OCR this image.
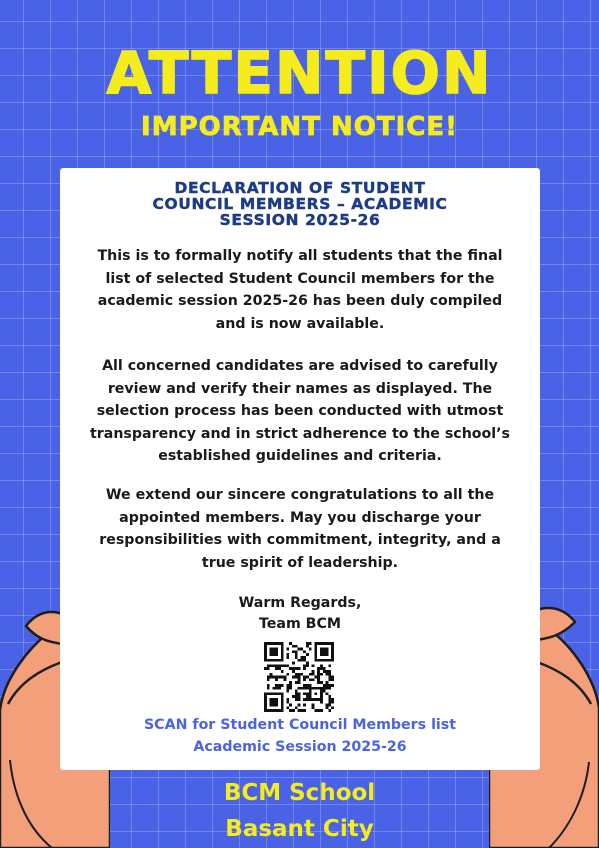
ATTENTION
IMPORTANT NOTICE!
DECLARATION OF STUDENT
COUNCIL MEMBERS – ACADEMIC
SESSION 2025-26
This is to formally notify all students that the final
list of selected Student Council members for the
academic session 2025-26 has been duly compiled
and is now available.
All concerned candidates are advised to carefully
review and verify their names as displayed. The
selection process has been conducted with utmost
transparency and in strict adherence to the school’s
established guidelines and criteria.
We extend our sincere congratulations to all the
appointed members. May you discharge your
responsibilities with commitment, integrity, and a
true spirit of leadership.
Warm Regards,
Team BCM
SCAN for Student Council Members list
Academic Session 2025-26
BCM School
Basant City
